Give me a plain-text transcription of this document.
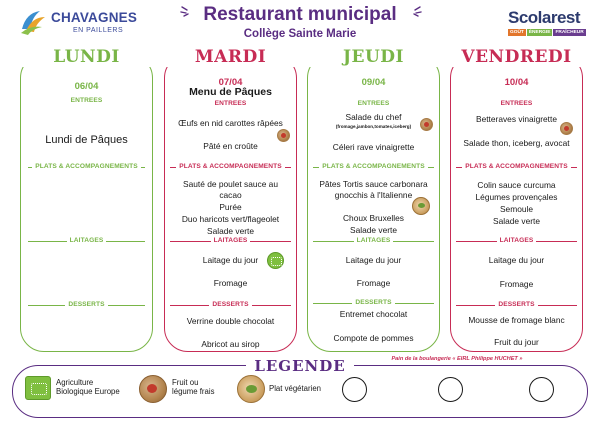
CHAVAGNES
EN PAILLERS
Restaurant municipal
Collège Sainte Marie
Scolarest
GOÛT	ÉNERGIE	FRAÎCHEUR
LUNDI
06/04
ENTREES
Lundi de Pâques
PLATS & ACCOMPAGNEMENTS
LAITAGES
DESSERTS
MARDI
07/04
Menu de Pâques
ENTREES
Œufs en nid carottes râpées
Pâté en croûte
PLATS & ACCOMPAGNEMENTS
Sauté de poulet sauce au
cacao
Purée
Duo haricots vert/flageolet
Salade verte
LAITAGES
Laitage du jour
Fromage
DESSERTS
Verrine double chocolat
Abricot au sirop
JEUDI
09/04
ENTREES
Salade du chef
(fromage,jambon,tomates,iceberg)
Céleri rave vinaigrette
PLATS & ACCOMPAGNEMENTS
Pâtes Tortis sauce carbonara
gnocchis à l'Italienne
Choux Bruxelles
Salade verte
LAITAGES
Laitage du jour
Fromage
DESSERTS
Entremet chocolat
Compote de pommes
VENDREDI
10/04
ENTREES
Betteraves vinaigrette
Salade thon, iceberg, avocat
PLATS & ACCOMPAGNEMENTS
Colin sauce curcuma
Légumes provençales
Semoule
Salade verte
LAITAGES
Laitage du jour
Fromage
DESSERTS
Mousse de fromage blanc
Fruit du jour
Pain de la boulangerie « EIRL Philippe HUCHET »
LEGENDE
Agriculture
Biologique Europe
Fruit ou
légume frais	Plat végétarien
